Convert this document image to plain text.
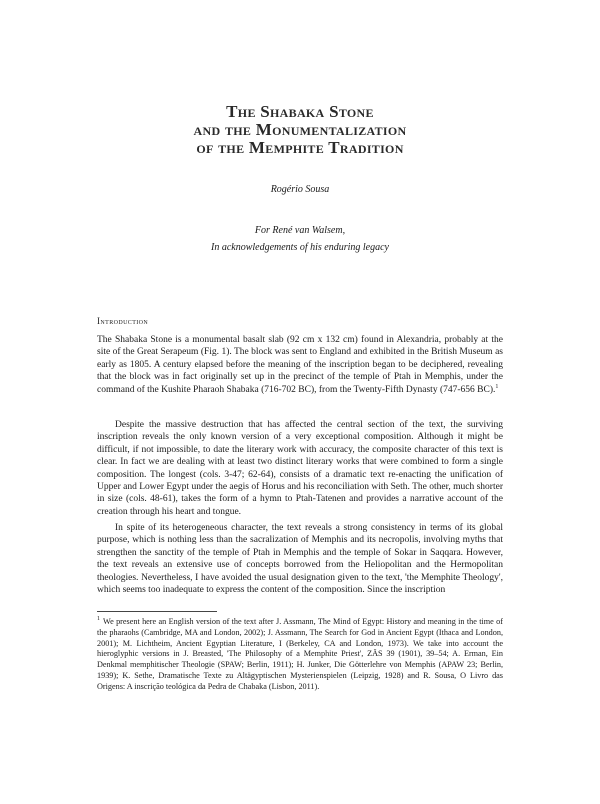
The Shabaka Stone
and the Monumentalization
of the Memphite Tradition
Rogério Sousa
For René van Walsem,
In acknowledgements of his enduring legacy
Introduction

The Shabaka Stone is a monumental basalt slab (92 cm x 132 cm) found in Alexandria, probably at the site of the Great Serapeum (Fig. 1). The block was sent to England and exhibited in the British Museum as early as 1805. A century elapsed before the meaning of the inscription began to be deciphered, revealing that the block was in fact originally set up in the precinct of the temple of Ptah in Memphis, under the command of the Kushite Pharaoh Shabaka (716-702 BC), from the Twenty-Fifth Dynasty (747-656 BC).$^1$

Despite the massive destruction that has affected the central section of the text, the surviving inscription reveals the only known version of a very exceptional composition. Although it might be difficult, if not impossible, to date the literary work with accuracy, the composite character of this text is clear. In fact we are dealing with at least two distinct literary works that were combined to form a single composition. The longest (cols. 3-47; 62-64), consists of a dramatic text re-enacting the unification of Upper and Lower Egypt under the aegis of Horus and his reconciliation with Seth. The other, much shorter in size (cols. 48-61), takes the form of a hymn to Ptah-Tatenen and provides a narrative account of the creation through his heart and tongue.

In spite of its heterogeneous character, the text reveals a strong consistency in terms of its global purpose, which is nothing less than the sacralization of Memphis and its necropolis, involving myths that strengthen the sanctity of the temple of Ptah in Memphis and the temple of Sokar in Saqqara. However, the text reveals an extensive use of concepts borrowed from the Heliopolitan and the Hermopolitan theologies. Nevertheless, I have avoided the usual designation given to the text, 'the Memphite Theology', which seems too inadequate to express the content of the composition. Since the inscription

$^1$ We present here an English version of the text after J. Assmann, The Mind of Egypt: History and meaning in the time of the pharaohs (Cambridge, MA and London, 2002); J. Assmann, The Search for God in Ancient Egypt (Ithaca and London, 2001); M. Lichtheim, Ancient Egyptian Literature, I (Berkeley, CA and London, 1973). We take into account the hieroglyphic versions in J. Breasted, 'The Philosophy of a Memphite Priest', ZÄS 39 (1901), 39–54; A. Erman, Ein Denkmal memphitischer Theologie (SPAW; Berlin, 1911); H. Junker, Die Götterlehre von Memphis (APAW 23; Berlin, 1939); K. Sethe, Dramatische Texte zu Altägyptischen Mysterienspielen (Leipzig, 1928) and R. Sousa, O Livro das Origens: A inscrição teológica da Pedra de Chabaka (Lisbon, 2011).
